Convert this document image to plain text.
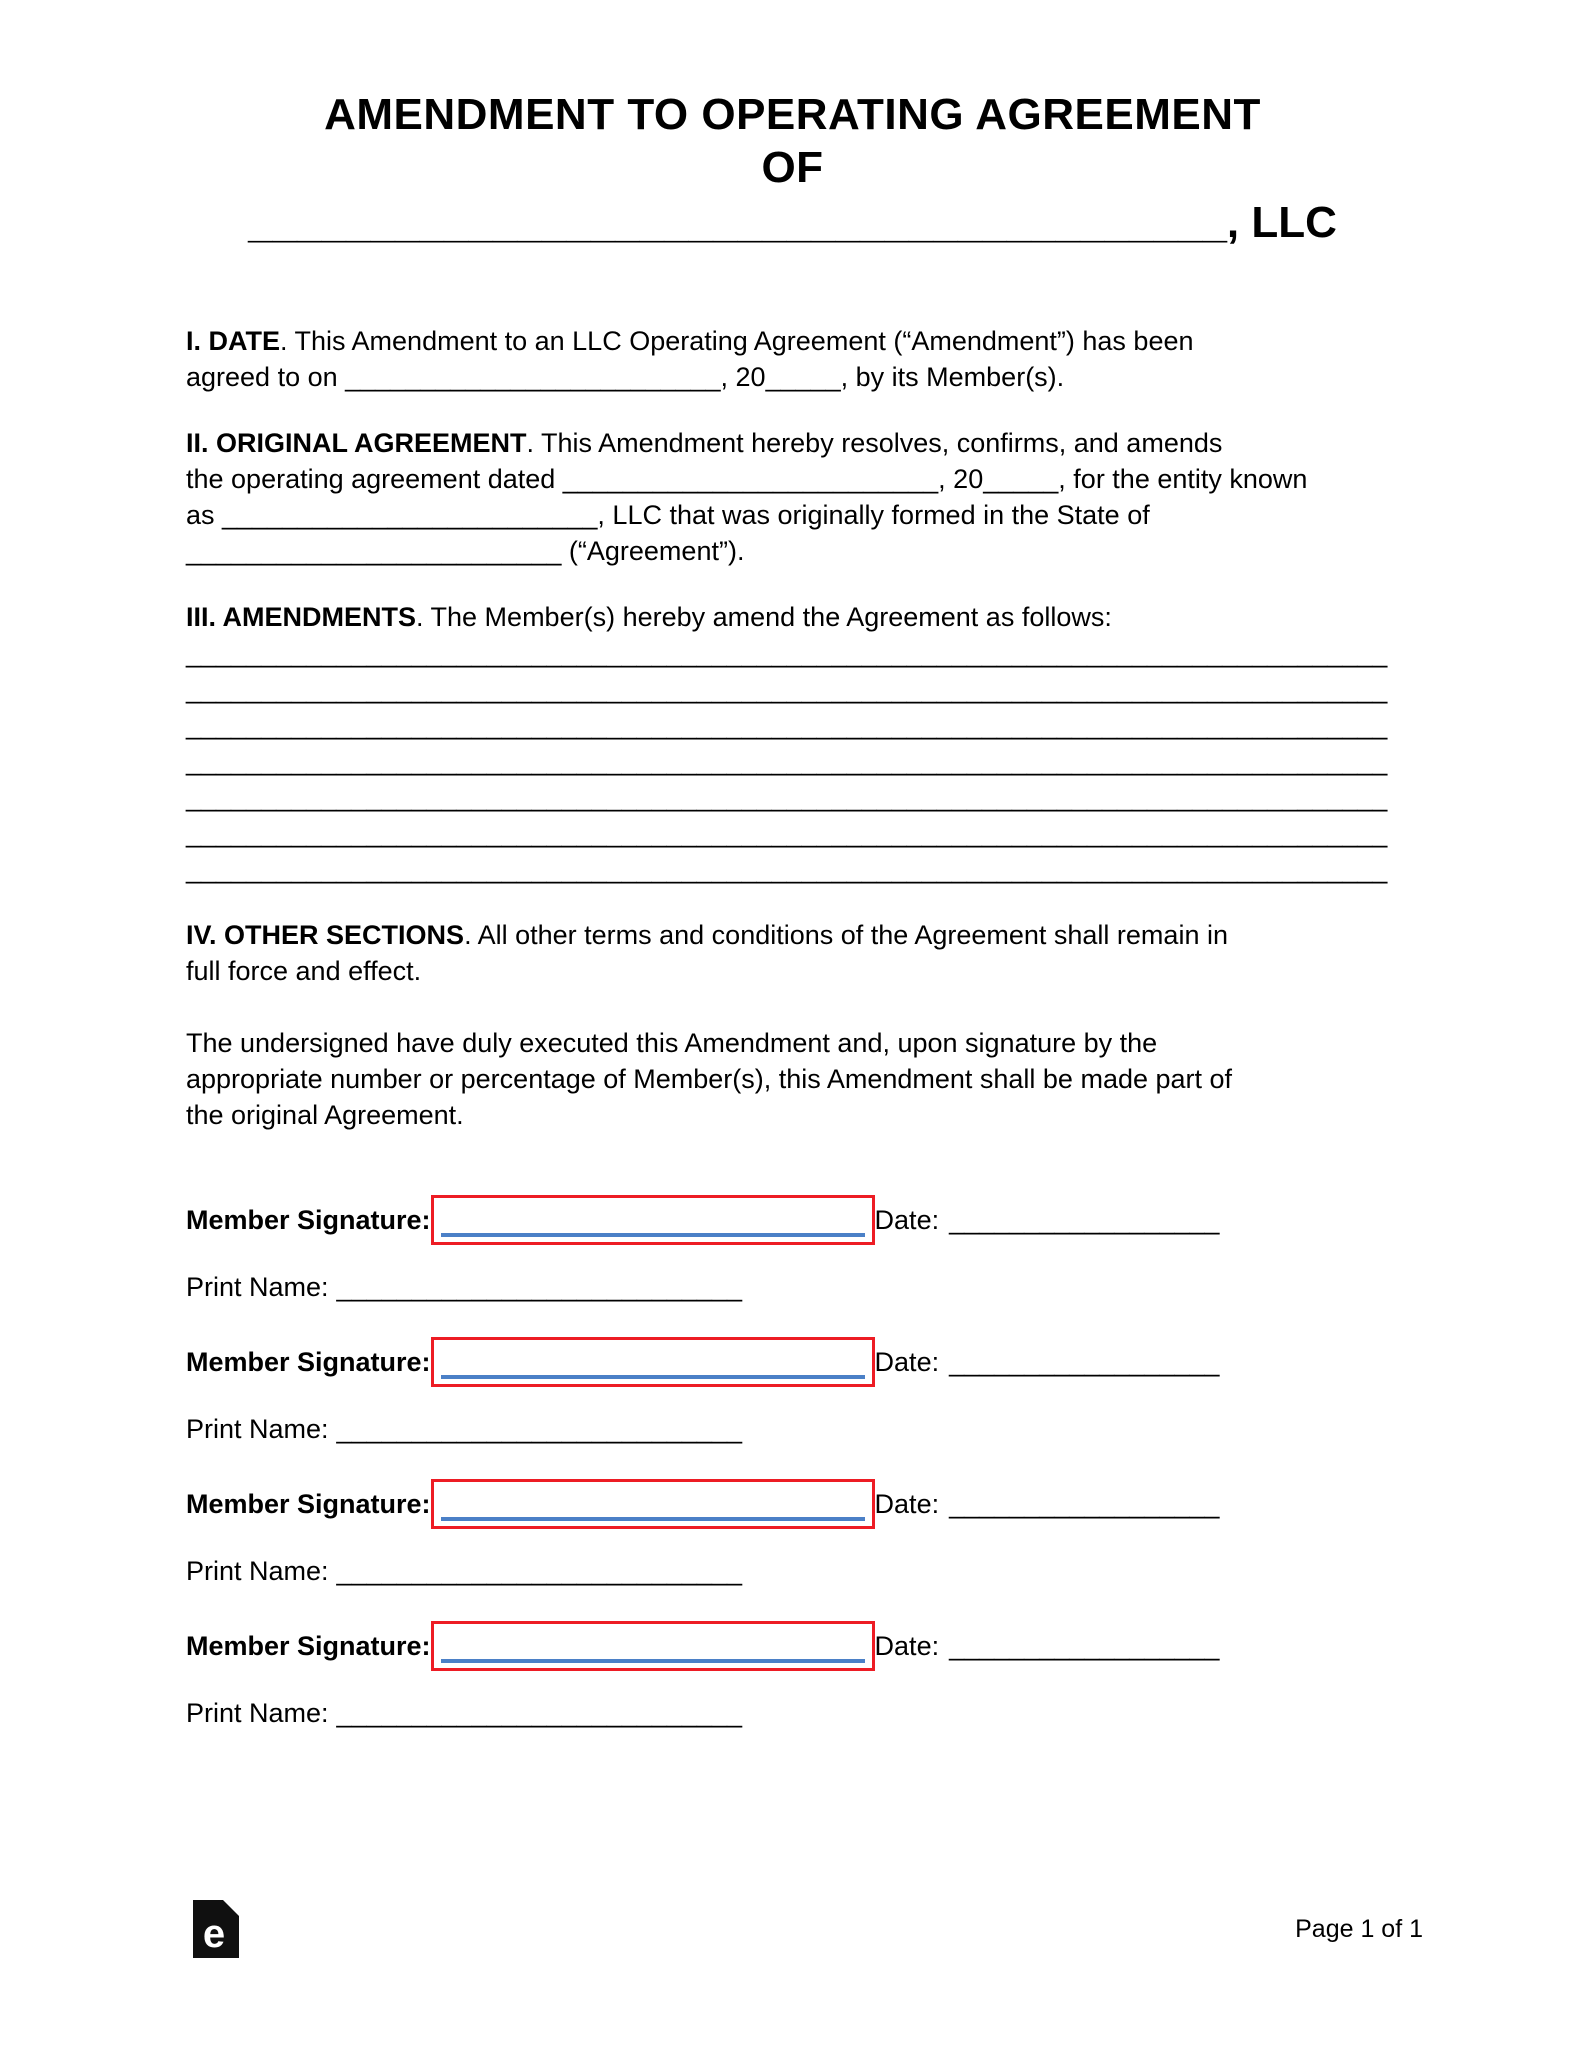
AMENDMENT TO OPERATING AGREEMENT
OF
________________________________________, LLC
I. DATE. This Amendment to an LLC Operating Agreement (“Amendment”) has been
agreed to on _________________________, 20_____, by its Member(s).
II. ORIGINAL AGREEMENT. This Amendment hereby resolves, confirms, and amends
the operating agreement dated _________________________, 20_____, for the entity known
as _________________________, LLC that was originally formed in the State of
_________________________ (“Agreement”).
III. AMENDMENTS. The Member(s) hereby amend the Agreement as follows:
________________________________________________________________________________
________________________________________________________________________________
________________________________________________________________________________
________________________________________________________________________________
________________________________________________________________________________
________________________________________________________________________________
________________________________________________________________________________
IV. OTHER SECTIONS. All other terms and conditions of the Agreement shall remain in
full force and effect.
The undersigned have duly executed this Amendment and, upon signature by the
appropriate number or percentage of Member(s), this Amendment shall be made part of
the original Agreement.
Member Signature:	Date: __________________
Print Name: ___________________________
Member Signature:	Date: __________________
Print Name: ___________________________
Member Signature:	Date: __________________
Print Name: ___________________________
Member Signature:	Date: __________________
Print Name: ___________________________
e	Page 1 of 1
